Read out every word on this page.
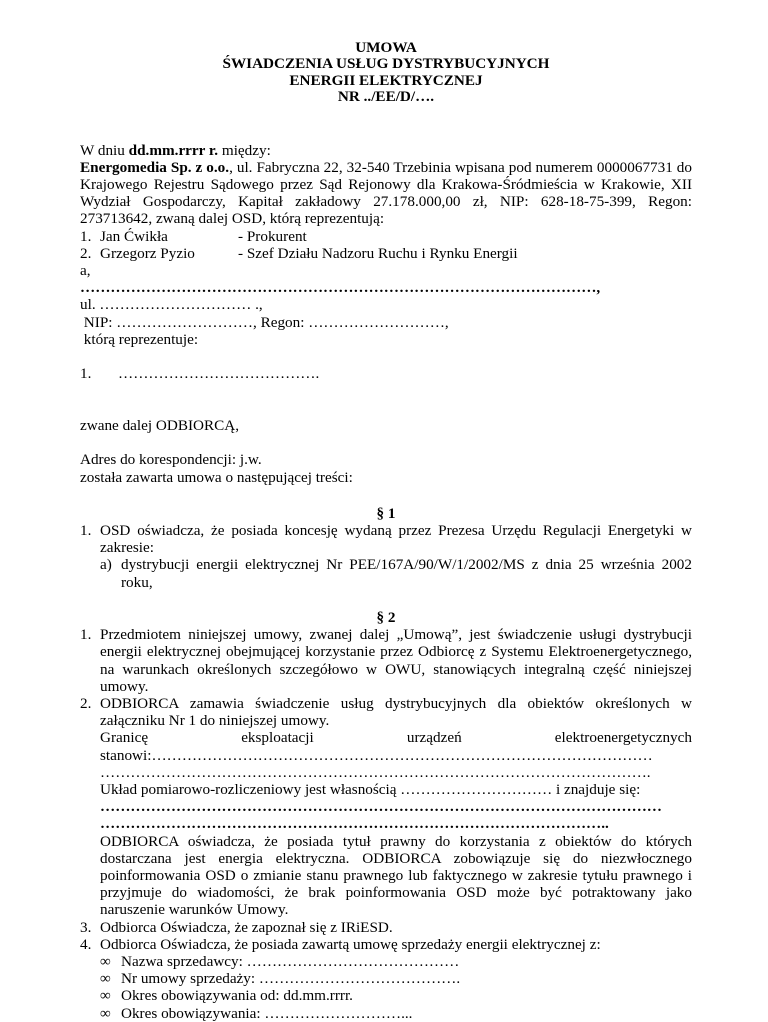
UMOWA
ŚWIADCZENIA USŁUG DYSTRYBUCYJNYCH
ENERGII ELEKTRYCZNEJ
NR ../EE/D/….

W dniu dd.mm.rrrr r. między:

Energomedia Sp. z o.o., ul. Fabryczna 22, 32-540 Trzebinia wpisana pod numerem 0000067731 do Krajowego Rejestru Sądowego przez Sąd Rejonowy dla Krakowa-Śródmieścia w Krakowie, XII Wydział Gospodarczy, Kapitał zakładowy 27.178.000,00 zł, NIP: 628-18-75-399, Regon: 273713642, zwaną dalej OSD, którą reprezentują:

1. Jan Ćwikła	- Prokurent
2. Grzegorz Pyzio	- Szef Działu Nadzoru Ruchu i Rynku Energii

a,

…………………………………………………………………………………………,

ul. ………………………… .,

NIP: ………………………, Regon: ………………………,

którą reprezentuje:

1.	………………………………….

zwane dalej ODBIORCĄ,

Adres do korespondencji: j.w.

została zawarta umowa o następującej treści:

§ 1
1. OSD oświadcza, że posiada koncesję wydaną przez Prezesa Urzędu Regulacji Energetyki w zakresie:
a) dystrybucji energii elektrycznej Nr PEE/167A/90/W/1/2002/MS z dnia 25 września 2002 roku,
§ 2
1. Przedmiotem niniejszej umowy, zwanej dalej „Umową”, jest świadczenie usługi dystrybucji energii elektrycznej obejmującej korzystanie przez Odbiorcę z Systemu Elektroenergetycznego, na warunkach określonych szczegółowo w OWU, stanowiących integralną część niniejszej umowy.
2. ODBIORCA zamawia świadczenie usług dystrybucyjnych dla obiektów określonych w załączniku Nr 1 do niniejszej umowy.
Granicę	eksploatacji	urządzeń	elektroenergetycznych
stanowi:………………………………………………………………………………………
……………………………………………………………………………………………….
Układ pomiarowo-rozliczeniowy jest własnością ………………………… i znajduje się:
…………………………………………………………………………………………………
………………………………………………………………………………………..
ODBIORCA oświadcza, że posiada tytuł prawny do korzystania z obiektów do których dostarczana jest energia elektryczna. ODBIORCA zobowiązuje się do niezwłocznego poinformowania OSD o zmianie stanu prawnego lub faktycznego w zakresie tytułu prawnego i przyjmuje do wiadomości, że brak poinformowania OSD może być potraktowany jako naruszenie warunków Umowy.
3. Odbiorca Oświadcza, że zapoznał się z IRiESD.
4. Odbiorca Oświadcza, że posiada zawartą umowę sprzedaży energii elektrycznej z:
∞ Nazwa sprzedawcy: ……………………………………
∞ Nr umowy sprzedaży: ………………………………….
∞ Okres obowiązywania od: dd.mm.rrrr.
∞ Okres obowiązywania: ………………………...
